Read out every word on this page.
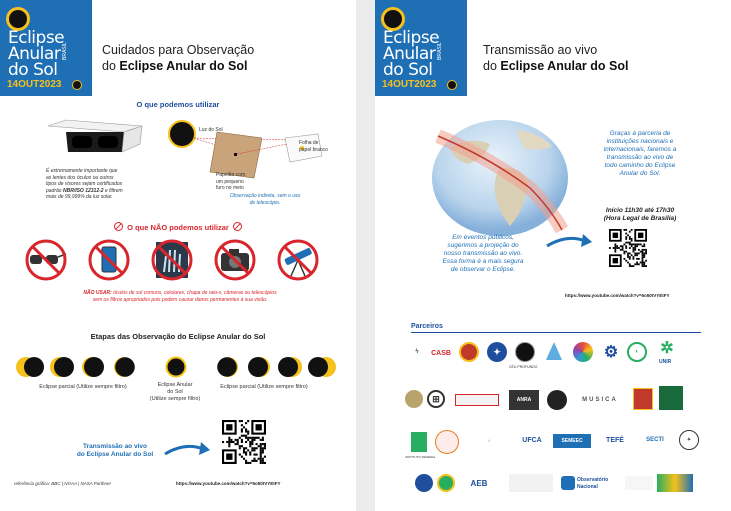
Eclipse
Anular
do Sol
BRASIL
14OUT2023
Cuidados para Observação
do Eclipse Anular do Sol
O que podemos utilizar
É extremamente importante que
as lentes dos óculos ou outros
tipos de visores sejam certificados
padrão NBR/ISO 12312-2 e filtrem
mais de 99,999% da luz solar.
Luz do Sol
Folha de
papel branco
Papelão com
um pequeno
furo no meio
Observação indireta, sem o uso
de telescópio.
O que NÃO podemos utilizar
NÃO USAR: óculos de sol comuns, celulares, chapa de raio-x, câmeras ou telescópios
sem os filtros apropriados pois podem causar danos permanentes à sua visão.
Etapas das Observação do Eclipse Anular do Sol
Eclipse parcial (Utilize sempre filtro)	Eclipse Anular
do Sol
(Utilize sempre filtro)
Eclipse parcial (Utilize sempre filtro)
Transmissão ao vivo
do Eclipse Anular do Sol
https://www.youtube.com/watch?v=5o50tVYEtFY
referência gráfica: BBC | NOAA | NASA Parthner
Eclipse
Anular
do Sol
BRASIL
14OUT2023
Transmissão ao vivo
do Eclipse Anular do Sol
Graças à parceria de
instituições nacionais e
internacionais, faremos a
transmissão ao vivo de
todo caminho do Eclipse
Anular do Sol.
Início 11h30 até 17h30
(Hora Legal de Brasília)
Em eventos públicos,
sugerimos a projeção do
nosso transmissão ao vivo.
Essa forma é a mais segura
de observar o Eclipse.
https://www.youtube.com/watch?v=5o50tVYEtFY
Parceiros
ϟ	CASB	✦
CÉU PROFUNDO
⚙	◐	✲
UNIR
⊞	ANRA	MUSICA
INSTITUTO FEDERAL
☼	UFCA	SEMEEC	TEFÉ	SECTI	✦
AEB	Observatório
Nacional
